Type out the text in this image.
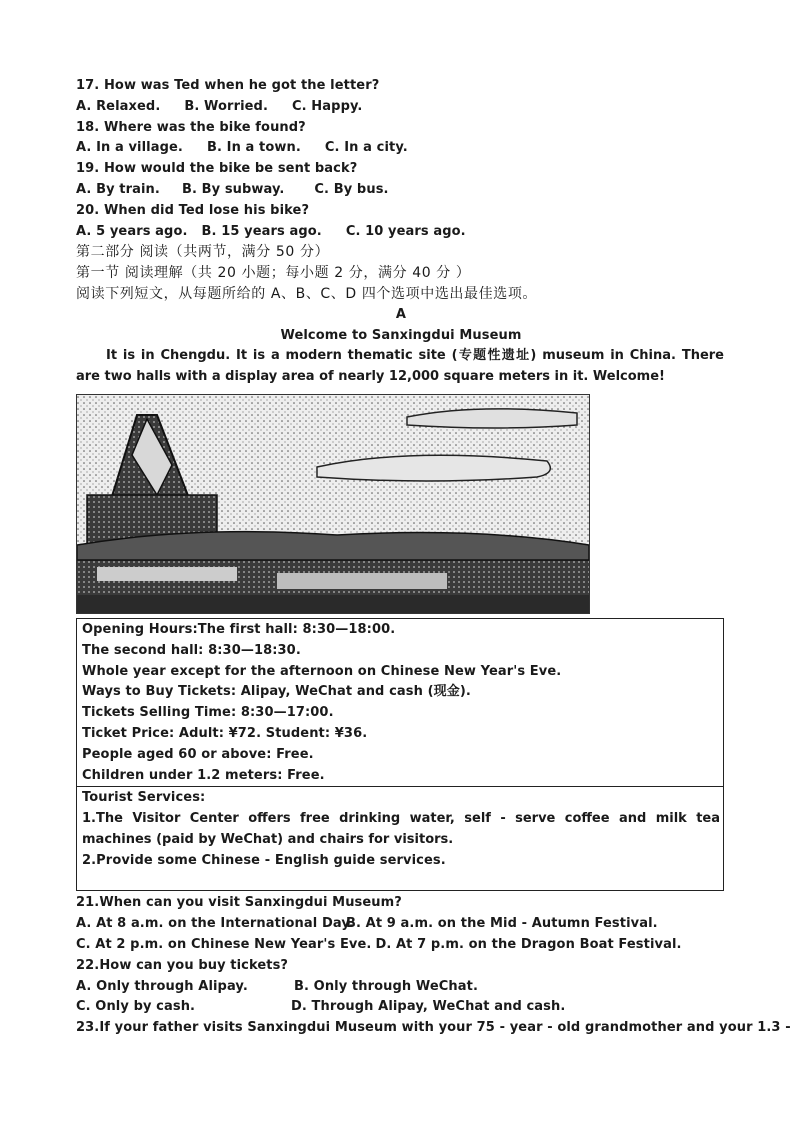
17. How was Ted when he got the letter?
A. Relaxed. B. Worried. C. Happy.
18. Where was the bike found?
A. In a village. B. In a town. C. In a city.
19. How would the bike be sent back?
A. By train. B. By subway. C. By bus.
20. When did Ted lose his bike?
A. 5 years ago. B. 15 years ago. C. 10 years ago.
第二部分 阅读（共两节，满分 50 分）
第一节 阅读理解（共 20 小题；每小题 2 分，满分 40 分 ）
阅读下列短文，从每题所给的 A、B、C、D 四个选项中选出最佳选项。
A
Welcome to Sanxingdui Museum

It is in Chengdu. It is a modern thematic site (专题性遗址) museum in China. There are two halls with a display area of nearly 12,000 square meters in it. Welcome!

Opening Hours:The first hall: 8:30—18:00.
The second hall: 8:30—18:30.
Whole year except for the afternoon on Chinese New Year's Eve.
Ways to Buy Tickets: Alipay, WeChat and cash (现金).
Tickets Selling Time: 8:30—17:00.
Ticket Price: Adult: ¥72. Student: ¥36.
People aged 60 or above: Free.
Children under 1.2 meters: Free.
Tourist Services:

1.The Visitor Center offers free drinking water, self - serve coffee and milk tea machines (paid by WeChat) and chairs for visitors.

2.Provide some Chinese - English guide services.
21.When can you visit Sanxingdui Museum?
A. At 8 a.m. on the International Day.B. At 9 a.m. on the Mid - Autumn Festival.
C. At 2 p.m. on Chinese New Year's Eve. D. At 7 p.m. on the Dragon Boat Festival.
22.How can you buy tickets?
A. Only through Alipay.	B. Only through WeChat.
C. Only by cash.	D. Through Alipay, WeChat and cash.
23.If your father visits Sanxingdui Museum with your 75 - year - old grandmother and your 1.3 -
